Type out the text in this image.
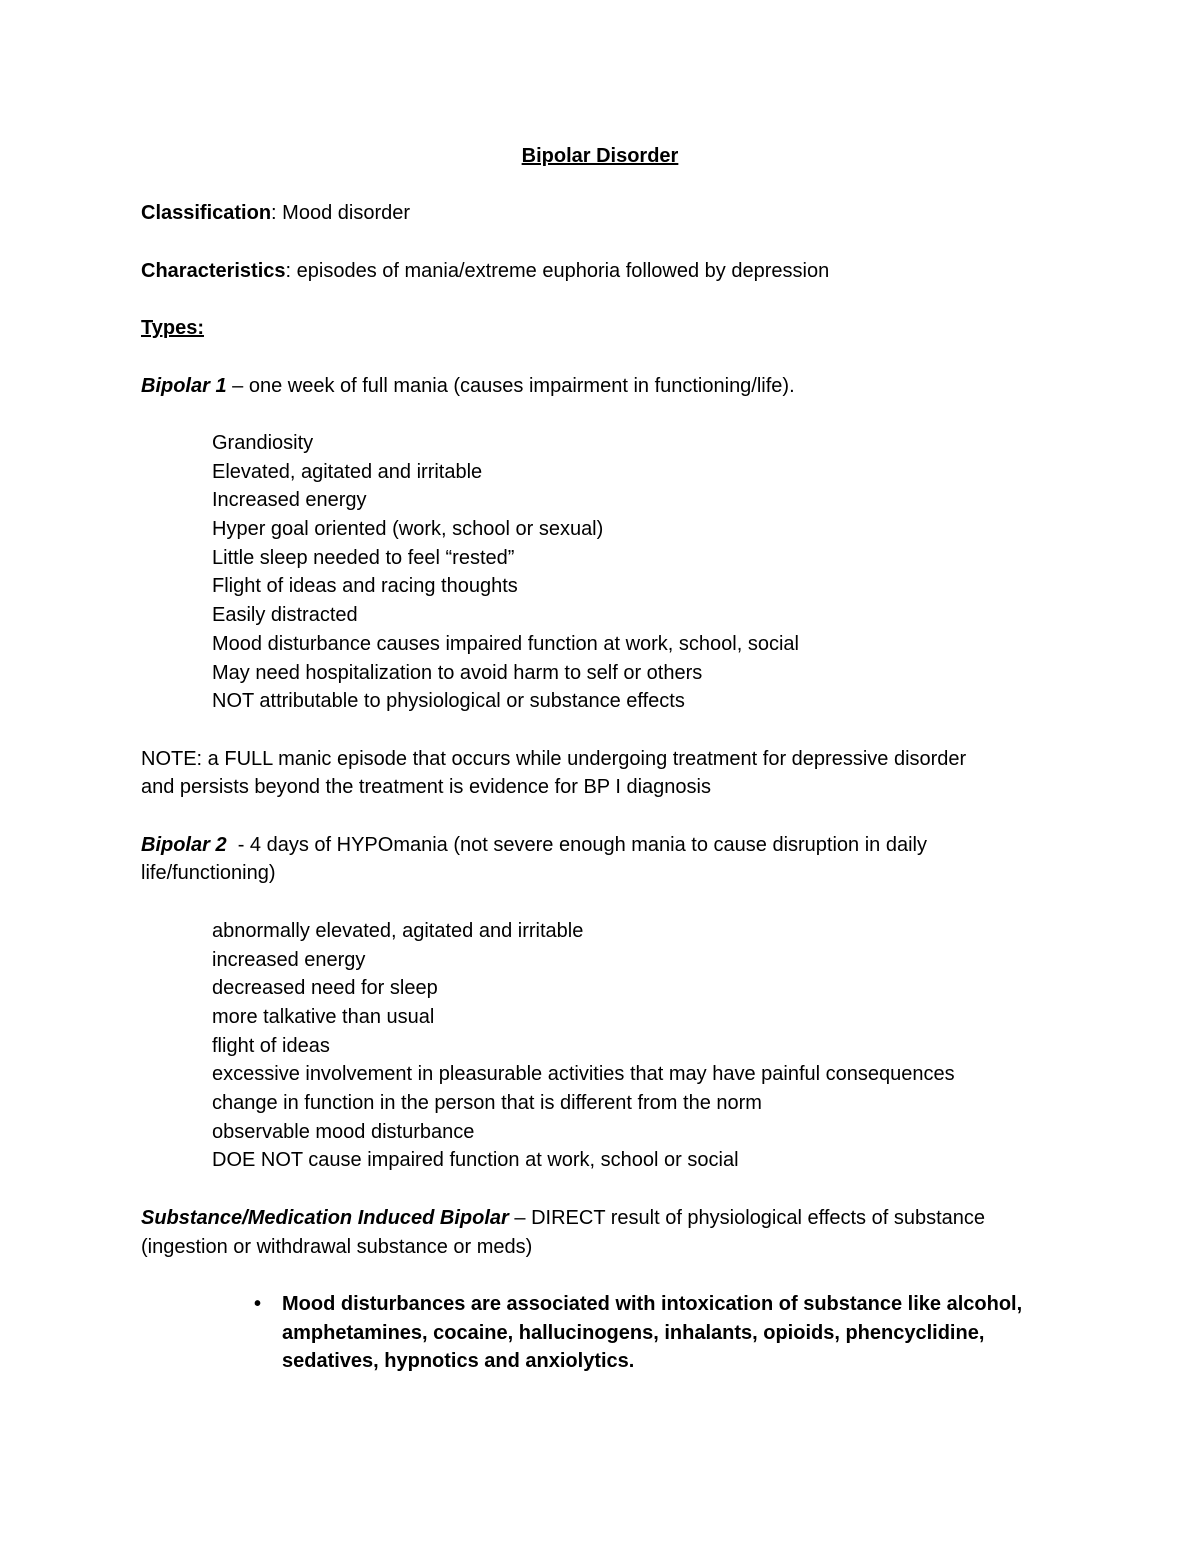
Bipolar Disorder

Classification: Mood disorder

Characteristics: episodes of mania/extreme euphoria followed by depression

Types:

Bipolar 1 – one week of full mania (causes impairment in functioning/life).

Grandiosity

Elevated, agitated and irritable

Increased energy

Hyper goal oriented (work, school or sexual)

Little sleep needed to feel “rested”

Flight of ideas and racing thoughts

Easily distracted

Mood disturbance causes impaired function at work, school, social

May need hospitalization to avoid harm to self or others

NOT attributable to physiological or substance effects

NOTE: a FULL manic episode that occurs while undergoing treatment for depressive disorder

and persists beyond the treatment is evidence for BP I diagnosis

Bipolar 2 - 4 days of HYPOmania (not severe enough mania to cause disruption in daily

life/functioning)

abnormally elevated, agitated and irritable

increased energy

decreased need for sleep

more talkative than usual

flight of ideas

excessive involvement in pleasurable activities that may have painful consequences

change in function in the person that is different from the norm

observable mood disturbance

DOE NOT cause impaired function at work, school or social

Substance/Medication Induced Bipolar – DIRECT result of physiological effects of substance

(ingestion or withdrawal substance or meds)

• Mood disturbances are associated with intoxication of substance like alcohol, amphetamines, cocaine, hallucinogens, inhalants, opioids, phencyclidine, sedatives, hypnotics and anxiolytics.
